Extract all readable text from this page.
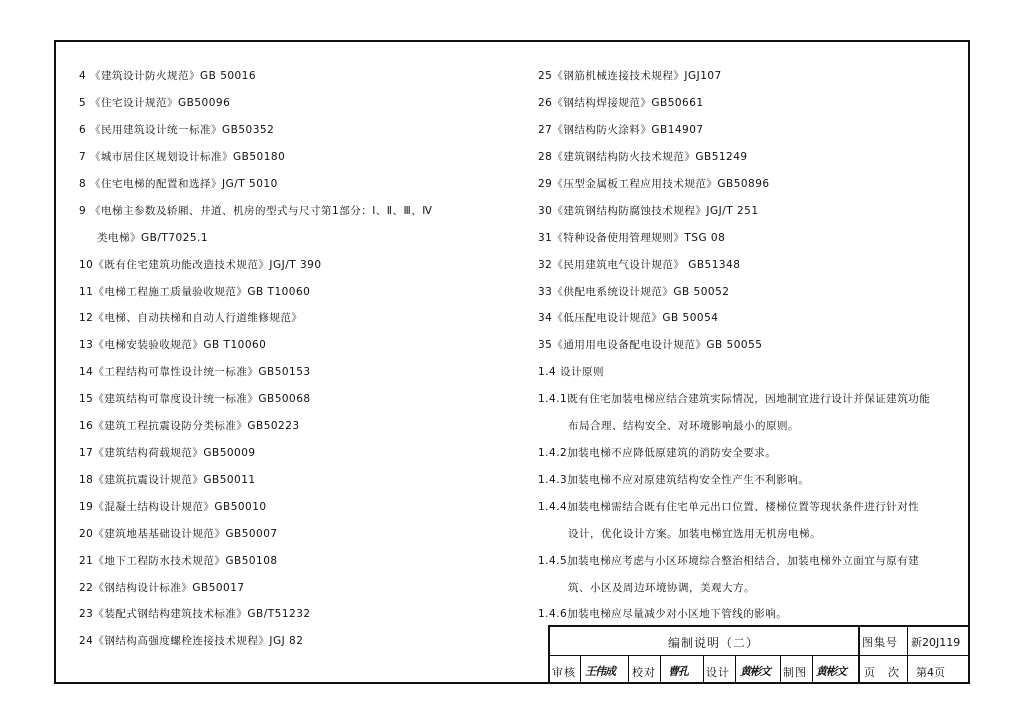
4 《建筑设计防火规范》GB 50016
5 《住宅设计规范》GB50096
6 《民用建筑设计统一标准》GB50352
7 《城市居住区规划设计标准》GB50180
8 《住宅电梯的配置和选择》JG/T 5010
9 《电梯主参数及轿厢、井道、机房的型式与尺寸第1部分：Ⅰ、Ⅱ、Ⅲ、Ⅳ
类电梯》GB/T7025.1
10《既有住宅建筑功能改造技术规范》JGJ/T 390
11《电梯工程施工质量验收规范》GB T10060
12《电梯、自动扶梯和自动人行道维修规范》
13《电梯安装验收规范》GB T10060
14《工程结构可靠性设计统一标准》GB50153
15《建筑结构可靠度设计统一标准》GB50068
16《建筑工程抗震设防分类标准》GB50223
17《建筑结构荷载规范》GB50009
18《建筑抗震设计规范》GB50011
19《混凝土结构设计规范》GB50010
20《建筑地基基础设计规范》GB50007
21《地下工程防水技术规范》GB50108
22《钢结构设计标准》GB50017
23《装配式钢结构建筑技术标准》GB/T51232
24《钢结构高强度螺栓连接技术规程》JGJ 82
25《钢筋机械连接技术规程》JGJ107
26《钢结构焊接规范》GB50661
27《钢结构防火涂料》GB14907
28《建筑钢结构防火技术规范》GB51249
29《压型金属板工程应用技术规范》GB50896
30《建筑钢结构防腐蚀技术规程》JGJ/T 251
31《特种设备使用管理规则》TSG 08
32《民用建筑电气设计规范》 GB51348
33《供配电系统设计规范》GB 50052
34《低压配电设计规范》GB 50054
35《通用用电设备配电设计规范》GB 50055
1.4 设计原则
1.4.1既有住宅加装电梯应结合建筑实际情况，因地制宜进行设计并保证建筑功能
布局合理、结构安全、对环境影响最小的原则。
1.4.2加装电梯不应降低原建筑的消防安全要求。
1.4.3加装电梯不应对原建筑结构安全性产生不利影响。
1.4.4加装电梯需结合既有住宅单元出口位置、楼梯位置等现状条件进行针对性
设计，优化设计方案。加装电梯宜选用无机房电梯。
1.4.5加装电梯应考虑与小区环境综合整治相结合，加装电梯外立面宜与原有建
筑、小区及周边环境协调，美观大方。
1.4.6加装电梯应尽量减少对小区地下管线的影响。
编制说明（二）	图集号 新20J119
审核 王伟成 校对 曹孔 设计 黄彬文 制图 黄彬文 页　次 第4页
